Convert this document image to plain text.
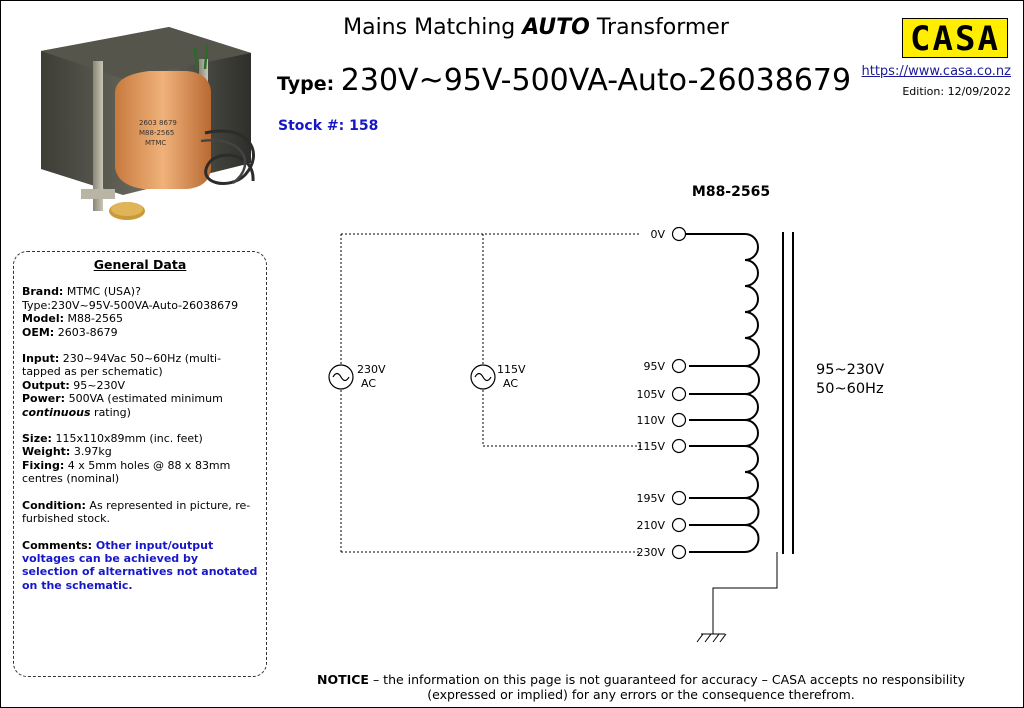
2603 8679
M88-2565
MTMC
Mains Matching AUTO Transformer
Type: 230V~95V-500VA-Auto-26038679
Stock #: 158
CASA
https://www.casa.co.nz
Edition: 12/09/2022
General Data
Brand: MTMC (USA)?
Type:230V~95V-500VA-Auto-26038679
Model: M88-2565
OEM: 2603-8679
Input: 230~94Vac 50~60Hz (multi-tapped as per schematic)
Output: 95~230V
Power: 500VA (estimated minimum continuous rating)
Size: 115x110x89mm (inc. feet)
Weight: 3.97kg
Fixing: 4 x 5mm holes @ 88 x 83mm centres (nominal)
Condition: As represented in picture, re-furbished stock.
Comments: Other input/output voltages can be achieved by selection of alternatives not anotated on the schematic.
M88-2565
230V
AC
115V
AC
0V
95V
105V
110V
115V
195V
210V
230V
95~230V
50~60Hz
NOTICE – the information on this page is not guaranteed for accuracy – CASA accepts no responsibility
(expressed or implied) for any errors or the consequence therefrom.
